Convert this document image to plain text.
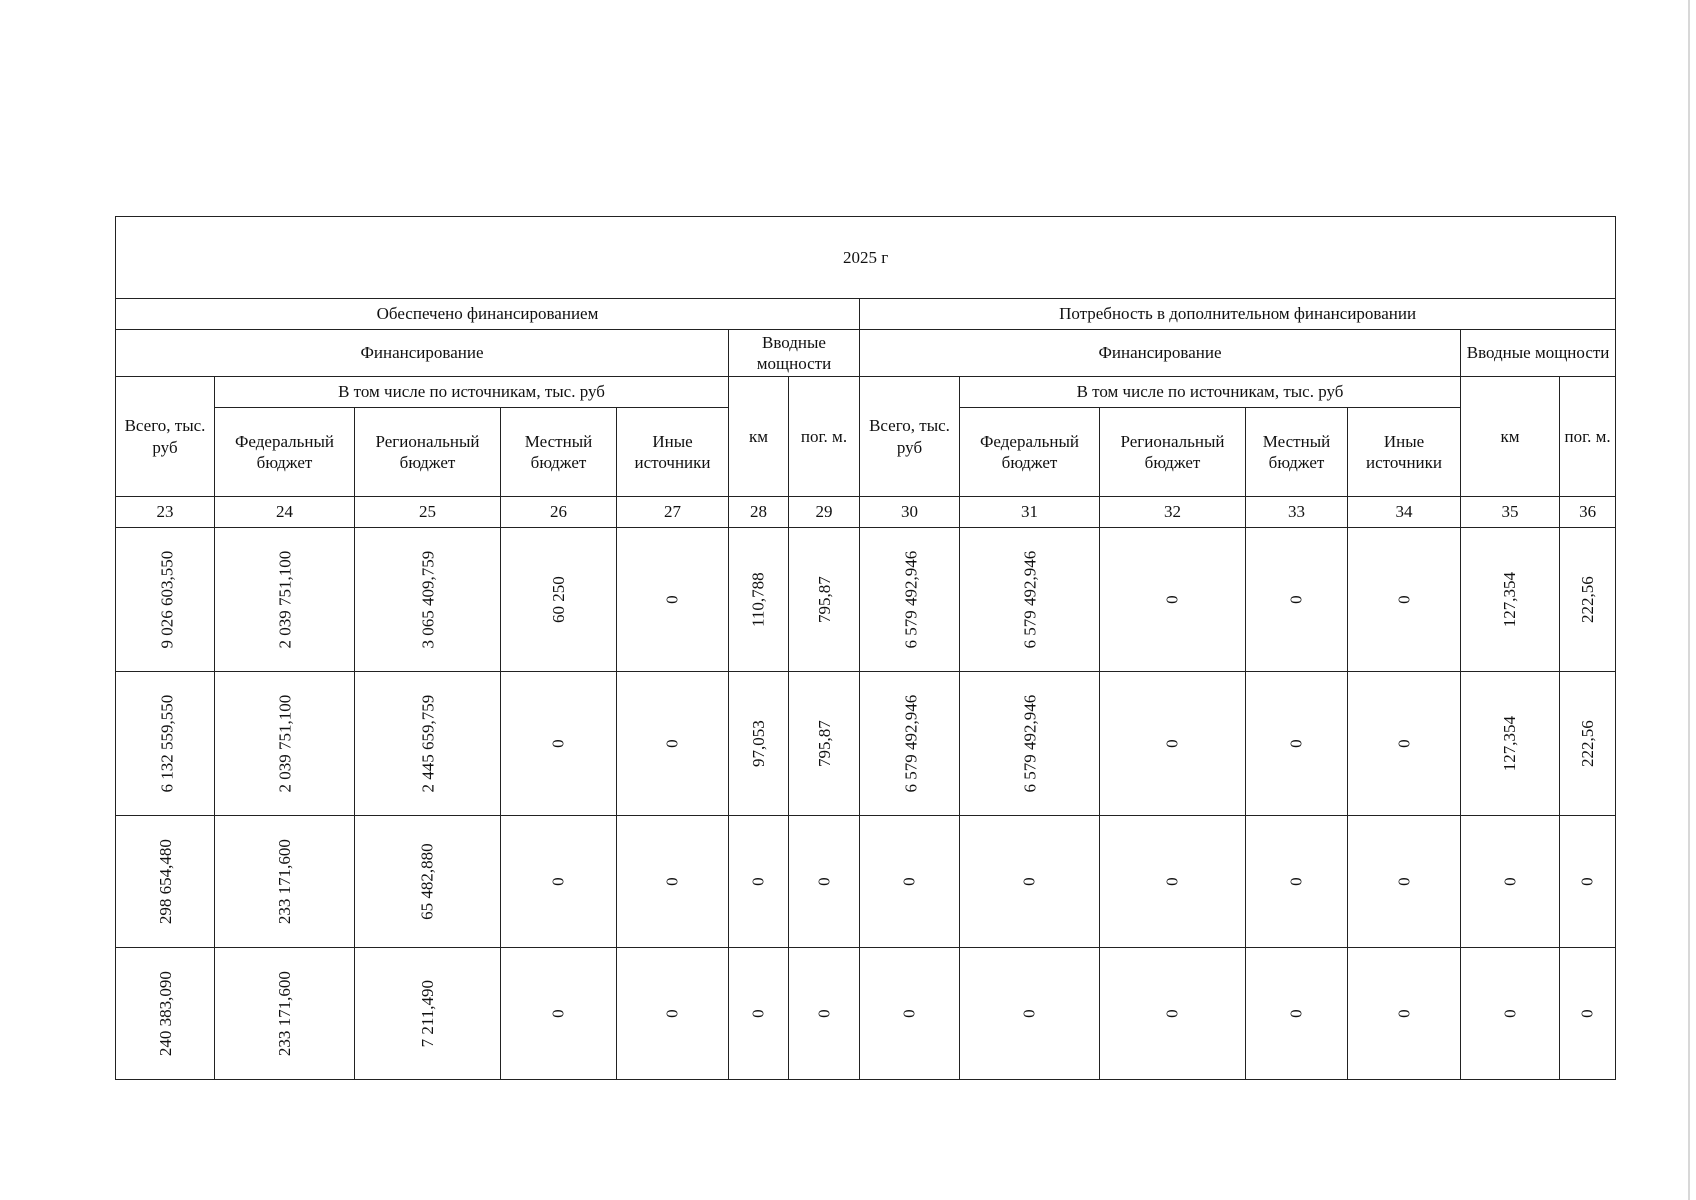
2025 г													
Обеспечено финансированием							Потребность в дополнительном финансировании						
Финансирование					Вводные мощности		Финансирование					Вводные мощности	
Всего, тыс. руб	В том числе по источникам, тыс. руб				км	пог. м.	Всего, тыс. руб	В том числе по источникам, тыс. руб				км	пог. м.
	Федеральный бюджет	Региональный бюджет	Местный бюджет	Иные источники				Федеральный бюджет	Региональный бюджет	Местный бюджет	Иные источники		
23	24	25	26	27	28	29	30	31	32	33	34	35	36
9 026 603,550	2 039 751,100	3 065 409,759	60 250	0	110,788	795,87	6 579 492,946	6 579 492,946	0	0	0	127,354	222,56
6 132 559,550	2 039 751,100	2 445 659,759	0	0	97,053	795,87	6 579 492,946	6 579 492,946	0	0	0	127,354	222,56
298 654,480	233 171,600	65 482,880	0	0	0	0	0	0	0	0	0	0	0
240 383,090	233 171,600	7 211,490	0	0	0	0	0	0	0	0	0	0	0
